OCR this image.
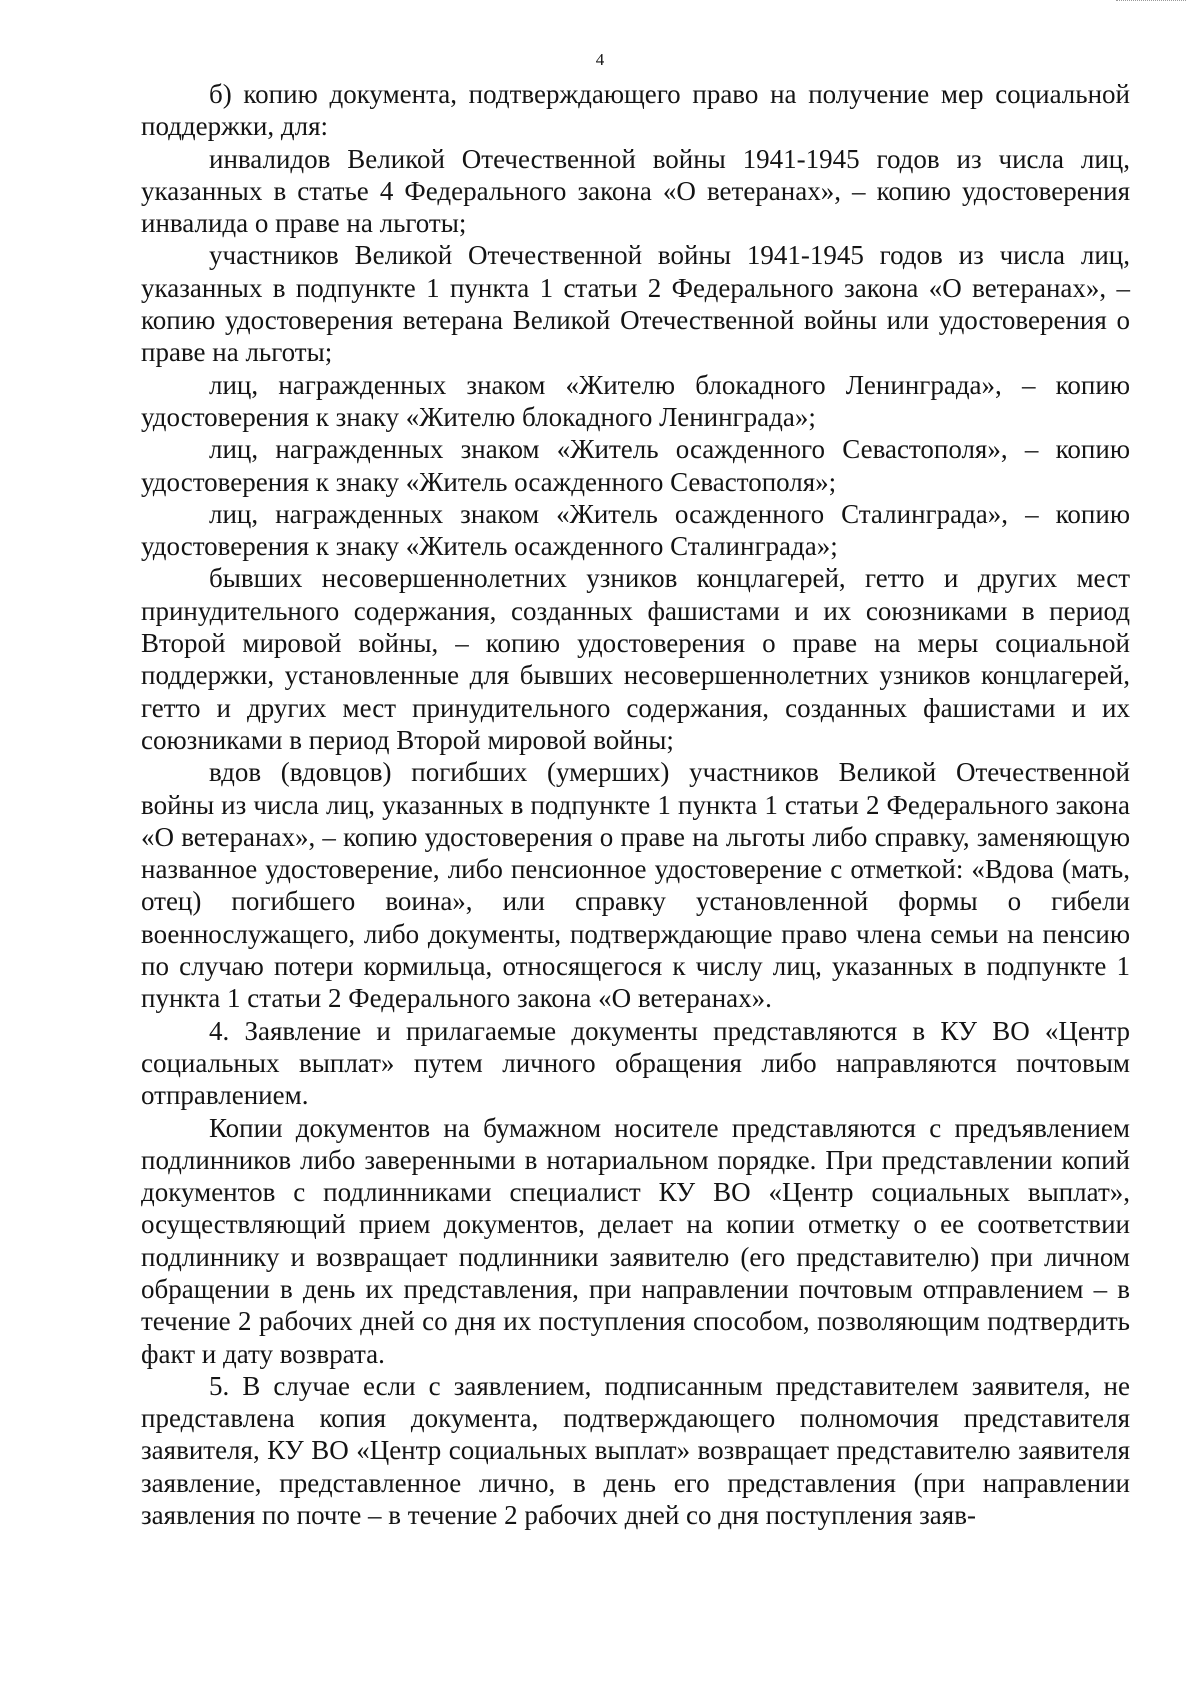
4

б) копию документа, подтверждающего право на получение мер социальной поддержки, для:

инвалидов Великой Отечественной войны 1941-1945 годов из числа лиц, указанных в статье 4 Федерального закона «О ветеранах», – копию удостоверения инвалида о праве на льготы;

участников Великой Отечественной войны 1941-1945 годов из числа лиц, указанных в подпункте 1 пункта 1 статьи 2 Федерального закона «О ветеранах», – копию удостоверения ветерана Великой Отечественной войны или удостоверения о праве на льготы;

лиц, награжденных знаком «Жителю блокадного Ленинграда», – копию удостоверения к знаку «Жителю блокадного Ленинграда»;

лиц, награжденных знаком «Житель осажденного Севастополя», – копию удостоверения к знаку «Житель осажденного Севастополя»;

лиц, награжденных знаком «Житель осажденного Сталинграда», – копию удостоверения к знаку «Житель осажденного Сталинграда»;

бывших несовершеннолетних узников концлагерей, гетто и других мест принудительного содержания, созданных фашистами и их союзниками в период Второй мировой войны, – копию удостоверения о праве на меры социальной поддержки, установленные для бывших несовершеннолетних узников концлагерей, гетто и других мест принудительного содержания, созданных фашистами и их союзниками в период Второй мировой войны;

вдов (вдовцов) погибших (умерших) участников Великой Отечественной войны из числа лиц, указанных в подпункте 1 пункта 1 статьи 2 Федерального закона «О ветеранах», – копию удостоверения о праве на льготы либо справку, заменяющую названное удостоверение, либо пенсионное удостоверение с отметкой: «Вдова (мать, отец) погибшего воина», или справку установленной формы о гибели военнослужащего, либо документы, подтверждающие право члена семьи на пенсию по случаю потери кормильца, относящегося к числу лиц, указанных в подпункте 1 пункта 1 статьи 2 Федерального закона «О ветеранах».

4. Заявление и прилагаемые документы представляются в КУ ВО «Центр социальных выплат» путем личного обращения либо направляются почтовым отправлением.

Копии документов на бумажном носителе представляются с предъявлением подлинников либо заверенными в нотариальном порядке. При представлении копий документов с подлинниками специалист КУ ВО «Центр социальных выплат», осуществляющий прием документов, делает на копии отметку о ее соответствии подлиннику и возвращает подлинники заявителю (его представителю) при личном обращении в день их представления, при направлении почтовым отправлением – в течение 2 рабочих дней со дня их поступления способом, позволяющим подтвердить факт и дату возврата.

5. В случае если с заявлением, подписанным представителем заявителя, не представлена копия документа, подтверждающего полномочия представителя заявителя, КУ ВО «Центр социальных выплат» возвращает представителю заявителя заявление, представленное лично, в день его представления (при направлении заявления по почте – в течение 2 рабочих дней со дня поступления заяв-
